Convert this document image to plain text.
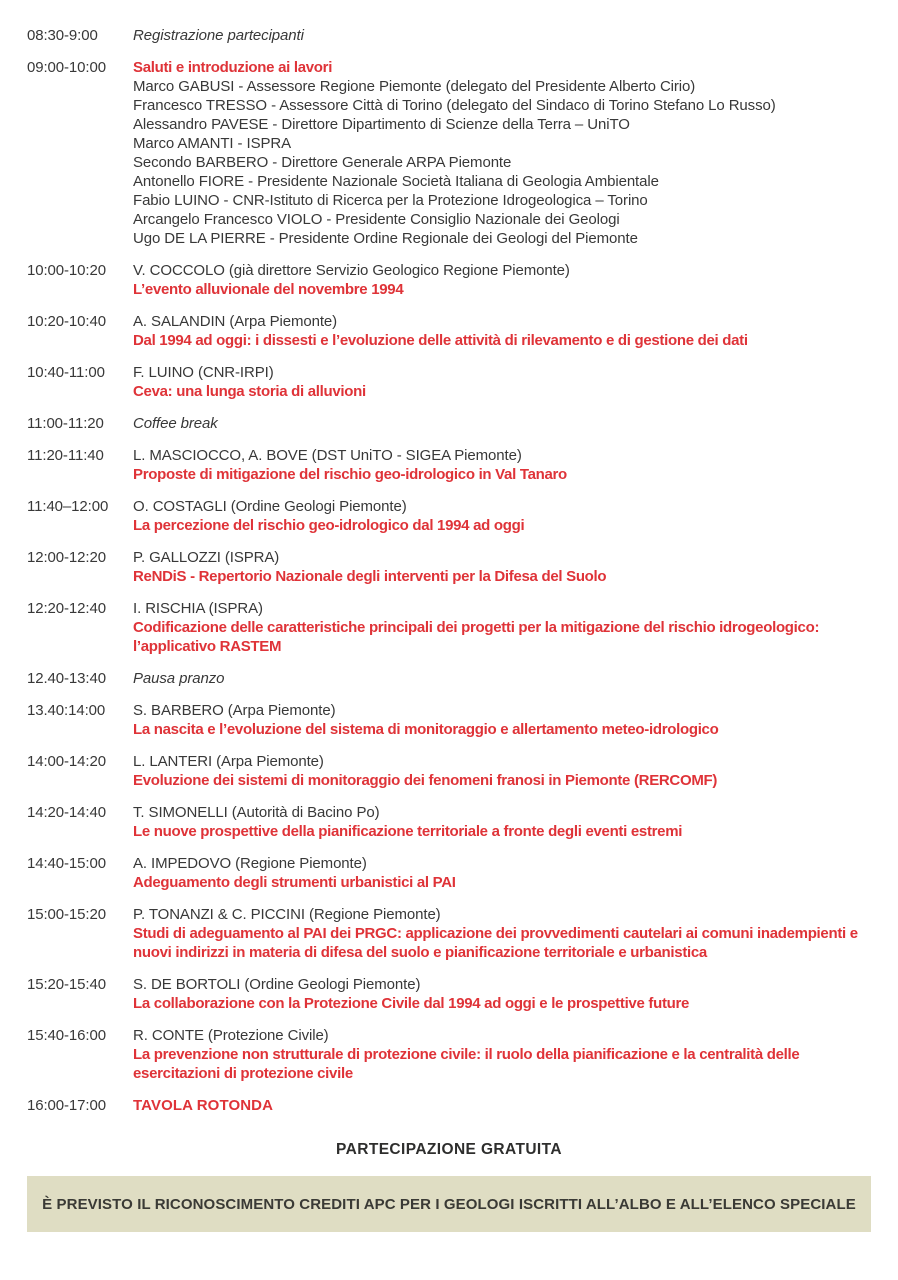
08:30-9:00	Registrazione partecipanti
09:00-10:00	Saluti e introduzione ai lavori
Marco GABUSI - Assessore Regione Piemonte (delegato del Presidente Alberto Cirio)
Francesco TRESSO - Assessore Città di Torino (delegato del Sindaco di Torino Stefano Lo Russo)
Alessandro PAVESE - Direttore Dipartimento di Scienze della Terra – UniTO
Marco AMANTI - ISPRA
Secondo BARBERO - Direttore Generale ARPA Piemonte
Antonello FIORE - Presidente Nazionale Società Italiana di Geologia Ambientale
Fabio LUINO - CNR-Istituto di Ricerca per la Protezione Idrogeologica – Torino
Arcangelo Francesco VIOLO - Presidente Consiglio Nazionale dei Geologi
Ugo DE LA PIERRE - Presidente Ordine Regionale dei Geologi del Piemonte
10:00-10:20	V. COCCOLO (già direttore Servizio Geologico Regione Piemonte)
L’evento alluvionale del novembre 1994
10:20-10:40	A. SALANDIN (Arpa Piemonte)
Dal 1994 ad oggi: i dissesti e l’evoluzione delle attività di rilevamento e di gestione dei dati
10:40-11:00	F. LUINO (CNR-IRPI)
Ceva: una lunga storia di alluvioni
11:00-11:20	Coffee break
11:20-11:40	L. MASCIOCCO, A. BOVE (DST UniTO - SIGEA Piemonte)
Proposte di mitigazione del rischio geo-idrologico in Val Tanaro
11:40–12:00	O. COSTAGLI (Ordine Geologi Piemonte)
La percezione del rischio geo-idrologico dal 1994 ad oggi
12:00-12:20	P. GALLOZZI (ISPRA)
ReNDiS - Repertorio Nazionale degli interventi per la Difesa del Suolo
12:20-12:40	I. RISCHIA (ISPRA)
Codificazione delle caratteristiche principali dei progetti per la mitigazione del rischio idrogeologico: l’applicativo RASTEM
12.40-13:40	Pausa pranzo
13.40:14:00	S. BARBERO (Arpa Piemonte)
La nascita e l’evoluzione del sistema di monitoraggio e allertamento meteo-idrologico
14:00-14:20	L. LANTERI (Arpa Piemonte)
Evoluzione dei sistemi di monitoraggio dei fenomeni franosi in Piemonte (RERCOMF)
14:20-14:40	T. SIMONELLI (Autorità di Bacino Po)
Le nuove prospettive della pianificazione territoriale a fronte degli eventi estremi
14:40-15:00	A. IMPEDOVO (Regione Piemonte)
Adeguamento degli strumenti urbanistici al PAI
15:00-15:20	P. TONANZI & C. PICCINI (Regione Piemonte)
Studi di adeguamento al PAI dei PRGC: applicazione dei provvedimenti cautelari ai comuni inadempienti e nuovi indirizzi in materia di difesa del suolo e pianificazione territoriale e urbanistica
15:20-15:40	S. DE BORTOLI (Ordine Geologi Piemonte)
La collaborazione con la Protezione Civile dal 1994 ad oggi e le prospettive future
15:40-16:00	R. CONTE (Protezione Civile)
La prevenzione non strutturale di protezione civile: il ruolo della pianificazione e la centralità delle esercitazioni di protezione civile
16:00-17:00	TAVOLA ROTONDA
PARTECIPAZIONE GRATUITA
È PREVISTO IL RICONOSCIMENTO CREDITI APC PER I GEOLOGI ISCRITTI ALL’ALBO E ALL’ELENCO SPECIALE
